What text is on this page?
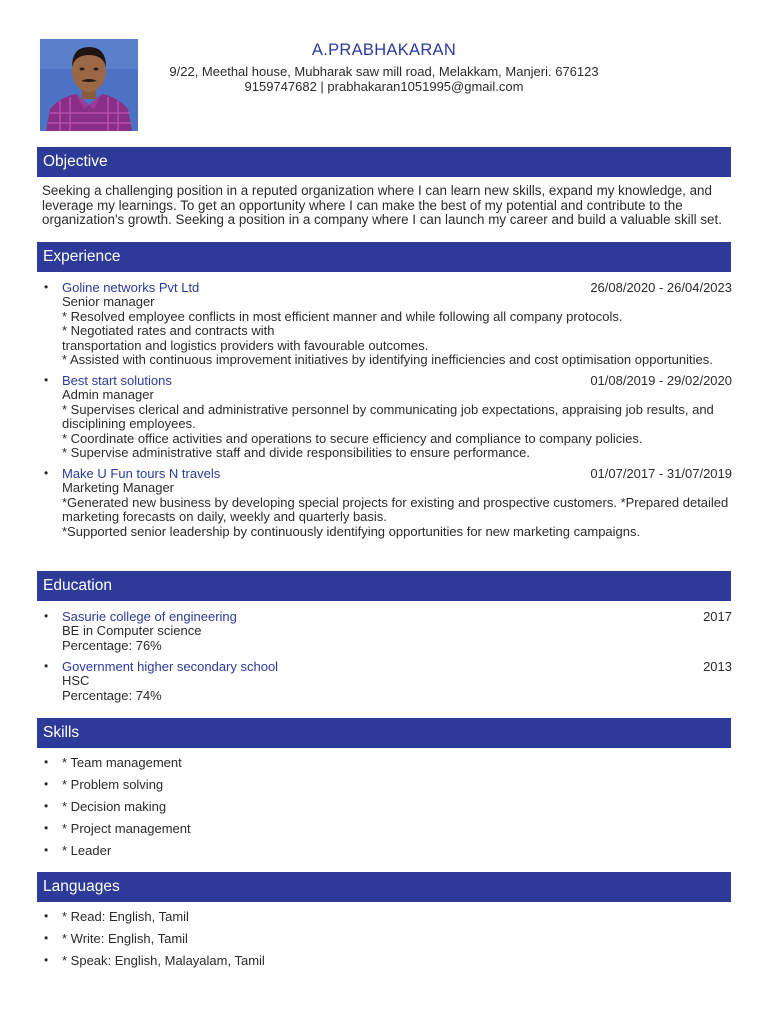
A.PRABHAKARAN
9/22, Meethal house, Mubharak saw mill road, Melakkam, Manjeri. 676123
9159747682 | prabhakaran1051995@gmail.com
Objective

Seeking a challenging position in a reputed organization where I can learn new skills, expand my knowledge, and leverage my learnings. To get an opportunity where I can make the best of my potential and contribute to the organization's growth. Seeking a position in a company where I can launch my career and build a valuable skill set.

Experience
• Goline networks Pvt Ltd	26/08/2020 - 26/04/2023
Senior manager
* Resolved employee conflicts in most efficient manner and while following all company protocols.
* Negotiated rates and contracts with
transportation and logistics providers with favourable outcomes.
* Assisted with continuous improvement initiatives by identifying inefficiencies and cost optimisation opportunities.
• Best start solutions	01/08/2019 - 29/02/2020
Admin manager
* Supervises clerical and administrative personnel by communicating job expectations, appraising job results, and disciplining employees.
* Coordinate office activities and operations to secure efficiency and compliance to company policies.
* Supervise administrative staff and divide responsibilities to ensure performance.
• Make U Fun tours N travels	01/07/2017 - 31/07/2019
Marketing Manager
*Generated new business by developing special projects for existing and prospective customers. *Prepared detailed marketing forecasts on daily, weekly and quarterly basis.
*Supported senior leadership by continuously identifying opportunities for new marketing campaigns.
Education
• Sasurie college of engineering	2017
BE in Computer science
Percentage: 76%
• Government higher secondary school	2013
HSC
Percentage: 74%
Skills
• * Team management
• * Problem solving
• * Decision making
• * Project management
• * Leader
Languages
• * Read: English, Tamil
• * Write: English, Tamil
• * Speak: English, Malayalam, Tamil
